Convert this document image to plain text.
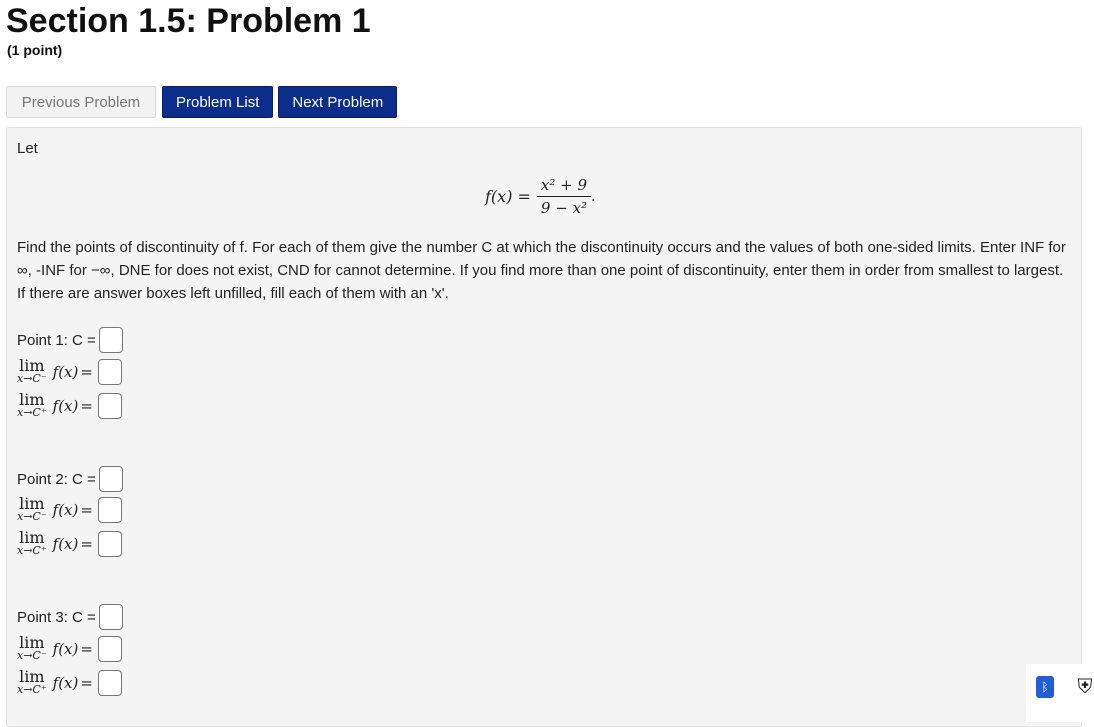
Section 1.5: Problem 1
(1 point)
Previous Problem	Problem List	Next Problem
Let
$f(x) = \frac{\text{x² + 9}}{\text{9 − x²}}$ .
Find the points of discontinuity of f. For each of them give the number C at which the discontinuity occurs and the values of both one-sided limits. Enter INF for ∞, -INF for −∞, DNE for does not exist, CND for cannot determine. If you find more than one point of discontinuity, enter them in order from smallest to largest. If there are answer boxes left unfilled, fill each of them with an 'x'.
Point 1: C =
lim
x→C⁻ f(x) =
lim
x→C⁺ f(x) =
Point 2: C =
lim
x→C⁻ f(x) =
lim
x→C⁺ f(x) =
Point 3: C =
lim
x→C⁻ f(x) =
lim
x→C⁺ f(x) =	ᛒ ⛨
